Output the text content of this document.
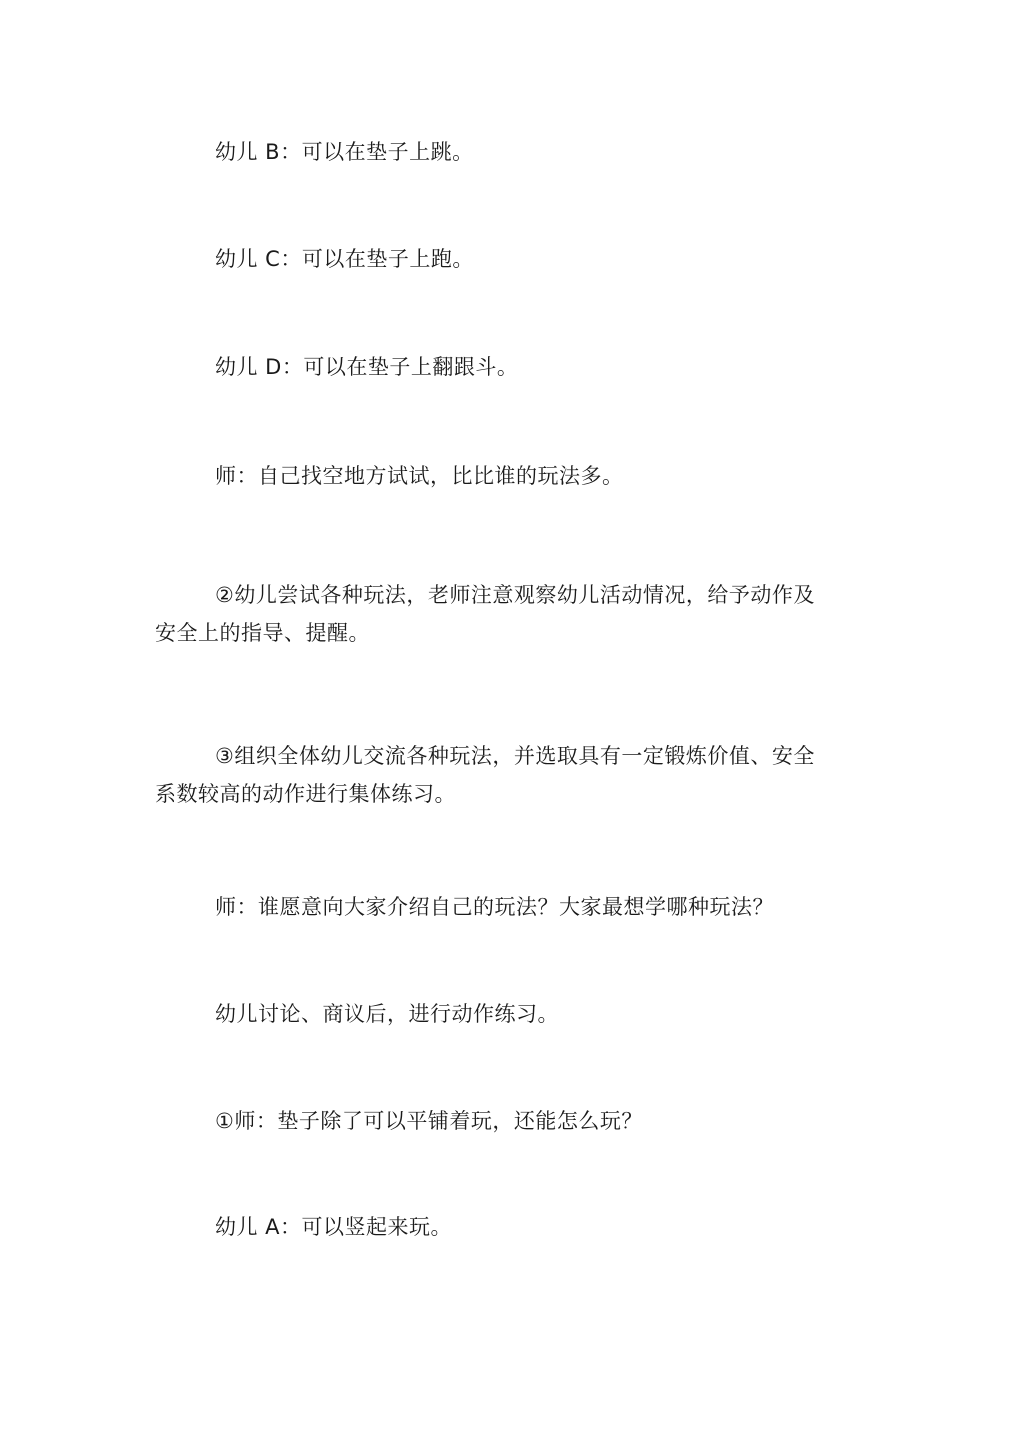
幼儿 B：可以在垫子上跳。

幼儿 C：可以在垫子上跑。

幼儿 D：可以在垫子上翻跟斗。

师：自己找空地方试试，比比谁的玩法多。

②幼儿尝试各种玩法，老师注意观察幼儿活动情况，给予动作及安全上的指导、提醒。

③组织全体幼儿交流各种玩法，并选取具有一定锻炼价值、安全系数较高的动作进行集体练习。

师：谁愿意向大家介绍自己的玩法？大家最想学哪种玩法？

幼儿讨论、商议后，进行动作练习。

①师：垫子除了可以平铺着玩，还能怎么玩？

幼儿 A：可以竖起来玩。
